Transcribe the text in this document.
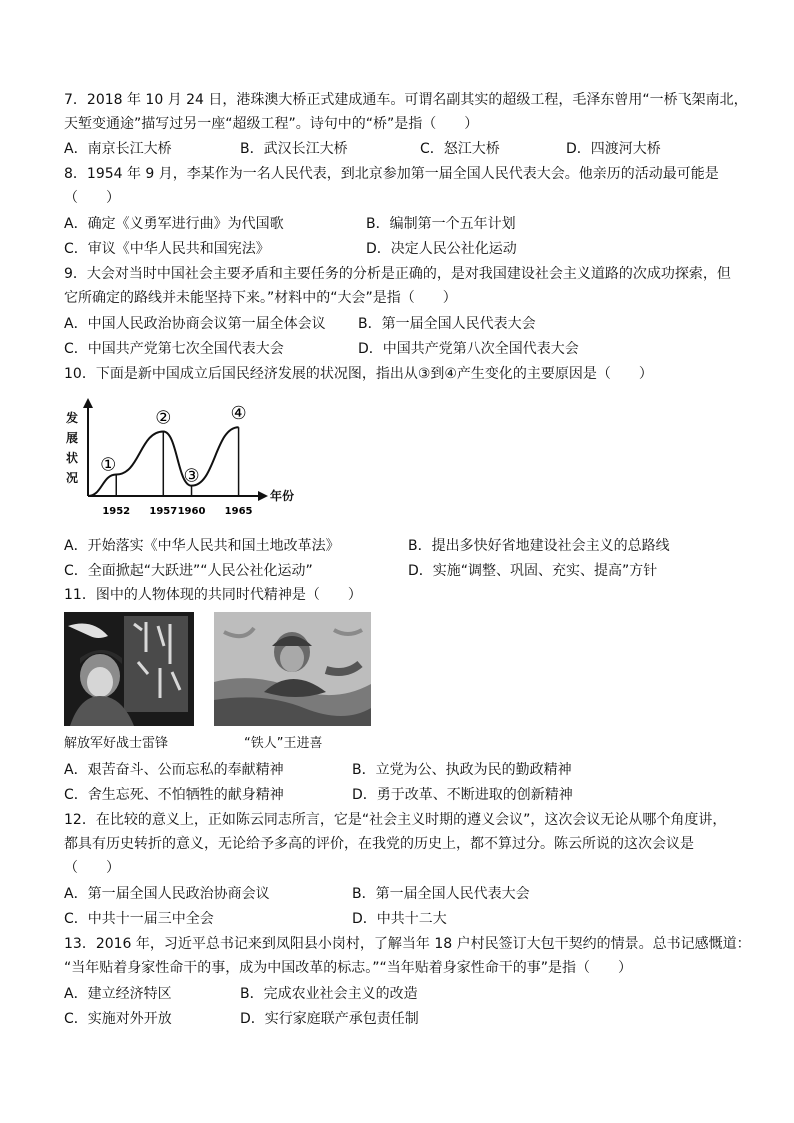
7．2018 年 10 月 24 日，港珠澳大桥正式建成通车。可谓名副其实的超级工程，毛泽东曾用“一桥飞架南北，
天堑变通途”描写过另一座“超级工程”。诗句中的“桥”是指（　　）
A．南京长江大桥	B．武汉长江大桥	C．怒江大桥	D．四渡河大桥
8．1954 年 9 月，李某作为一名人民代表，到北京参加第一届全国人民代表大会。他亲历的活动最可能是
（　　）
A．确定《义勇军进行曲》为代国歌	B．编制第一个五年计划
C．审议《中华人民共和国宪法》	D．决定人民公社化运动
9．大会对当时中国社会主要矛盾和主要任务的分析是正确的，是对我国建设社会主义道路的次成功探索，但
它所确定的路线并未能坚持下来。”材料中的“大会”是指（　　）
A．中国人民政治协商会议第一届全体会议 B．第一届全国人民代表大会
C．中国共产党第七次全国代表大会	D．中国共产党第八次全国代表大会
10．下面是新中国成立后国民经济发展的状况图，指出从③到④产生变化的主要原因是（　　）
发
展
状
况
年份
1952
①
1957
②
1960
③
1965
④
A．开始落实《中华人民共和国土地改革法》	B．提出多快好省地建设社会主义的总路线
C．全面掀起“大跃进”“人民公社化运动”	D．实施“调整、巩固、充实、提高”方针
11．图中的人物体现的共同时代精神是（　　）
解放军好战士雷锋	“铁人”王进喜
A．艰苦奋斗、公而忘私的奉献精神	B．立党为公、执政为民的勤政精神
C．舍生忘死、不怕牺牲的献身精神	D．勇于改革、不断进取的创新精神
12．在比较的意义上，正如陈云同志所言，它是“社会主义时期的遵义会议”，这次会议无论从哪个角度讲，
都具有历史转折的意义，无论给予多高的评价，在我党的历史上，都不算过分。陈云所说的这次会议是
（　　）
A．第一届全国人民政治协商会议	B．第一届全国人民代表大会
C．中共十一届三中全会	D．中共十二大
13．2016 年，习近平总书记来到凤阳县小岗村，了解当年 18 户村民签订大包干契约的情景。总书记感慨道：
“当年贴着身家性命干的事，成为中国改革的标志。”“当年贴着身家性命干的事”是指（　　）
A．建立经济特区	B．完成农业社会主义的改造
C．实施对外开放	D．实行家庭联产承包责任制
